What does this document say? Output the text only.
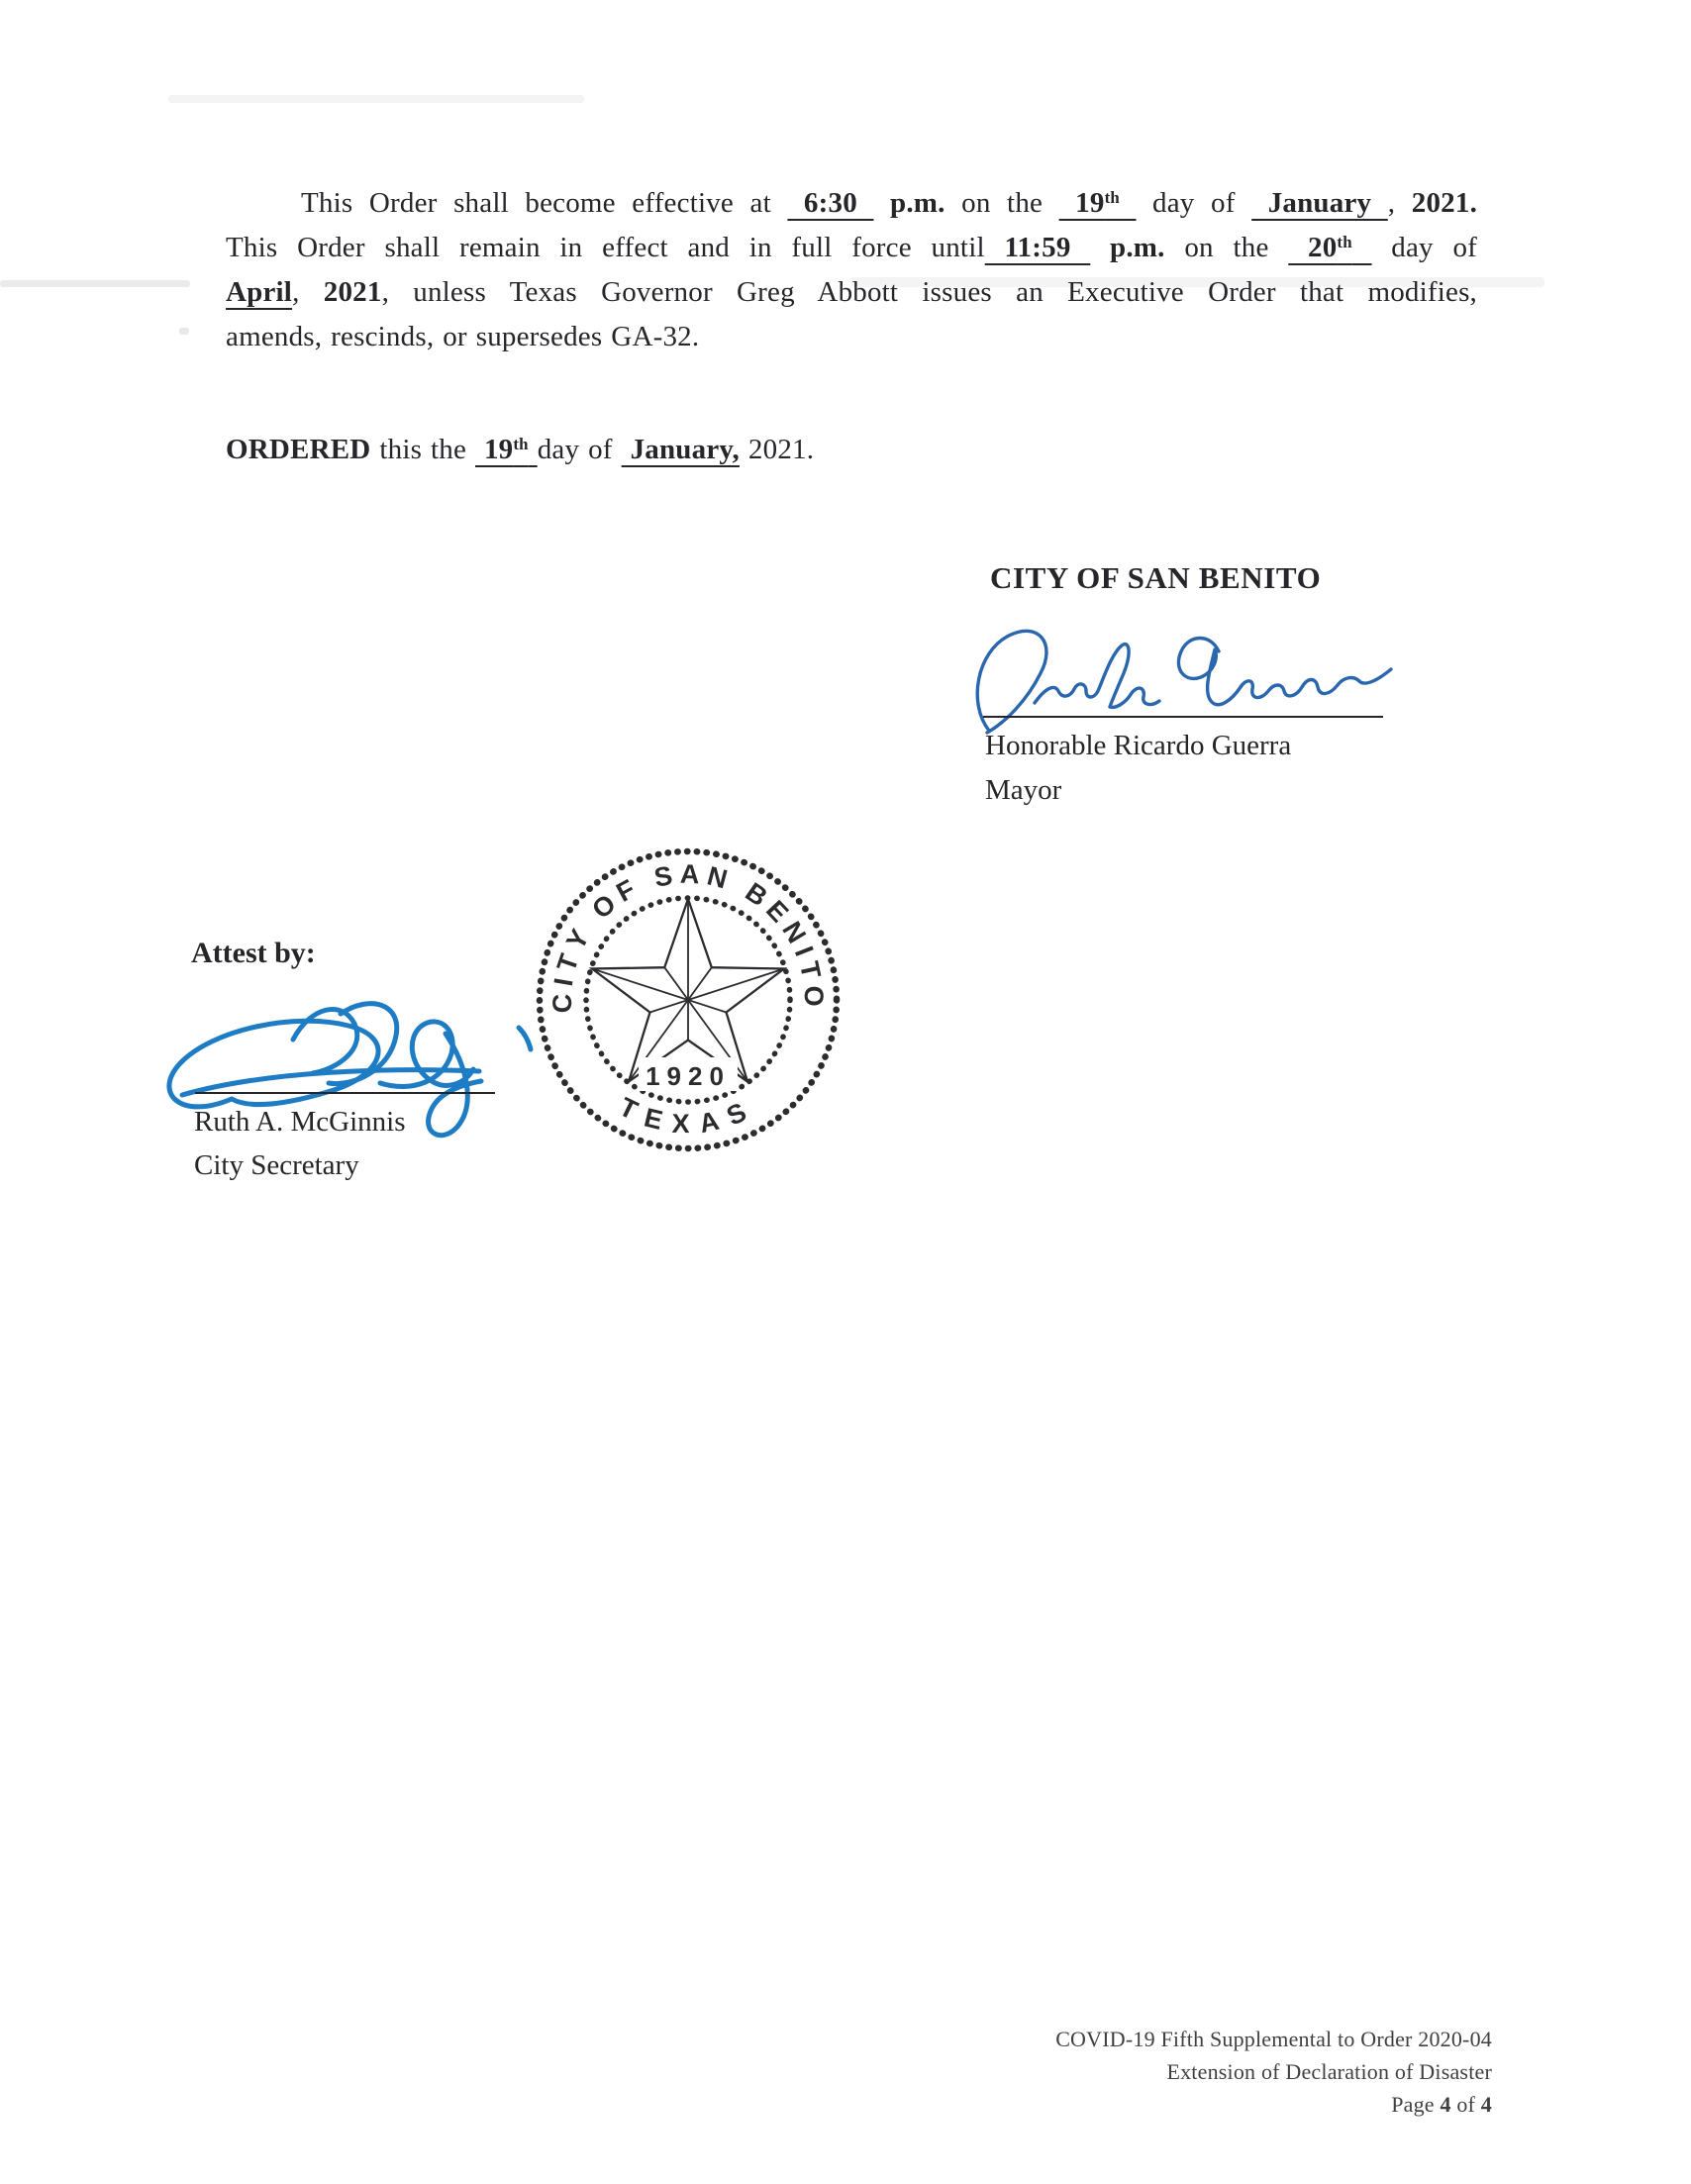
This Order shall become effective at  6:30  p.m. on the  19th  day of  January , 2021.
This Order shall remain in effect and in full force until 11:59  p.m. on the  20th  day of
April, 2021, unless Texas Governor Greg Abbott issues an Executive Order that modifies,
amends, rescinds, or supersedes GA-32.
ORDERED this the  19th day of  January, 2021.
CITY OF SAN BENITO
Honorable Ricardo Guerra
Mayor
Attest by:
Ruth A. McGinnis
City Secretary
1920
CITY OF SAN BENITO
TEXAS
COVID-19 Fifth Supplemental to Order 2020-04
Extension of Declaration of Disaster
Page 4 of 4
